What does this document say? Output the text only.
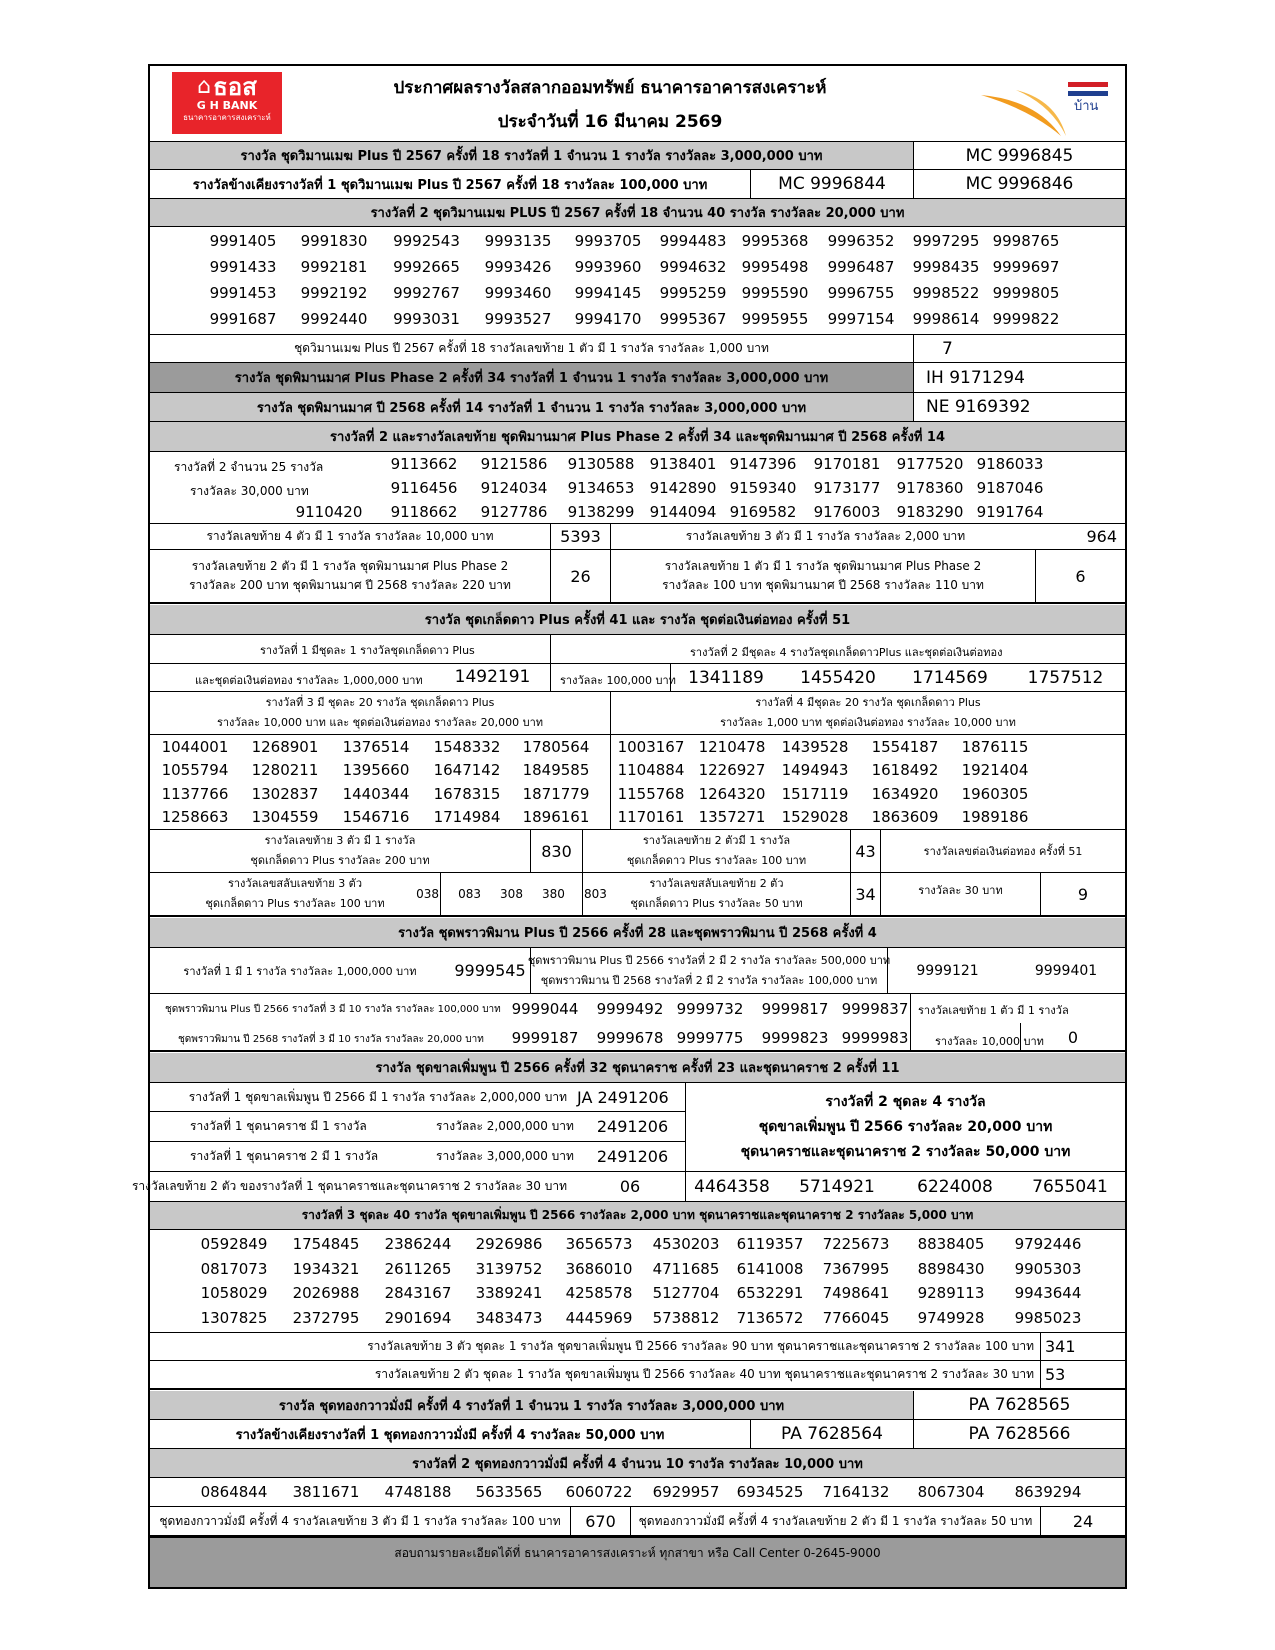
⌂ ธอส
G H BANK
ธนาคารอาคารสงเคราะห์
ประกาศผลรางวัลสลากออมทรัพย์ ธนาคารอาคารสงเคราะห์
ประจำวันที่ 16 มีนาคม 2569
บ้าน
รางวัล ชุดวิมานเมฆ Plus ปี 2567 ครั้งที่ 18 รางวัลที่ 1 จำนวน 1 รางวัล รางวัลละ 3,000,000 บาท	MC 9996845
รางวัลข้างเคียงรางวัลที่ 1 ชุดวิมานเมฆ Plus ปี 2567 ครั้งที่ 18 รางวัลละ 100,000 บาท	MC 9996844	MC 9996846
รางวัลที่ 2 ชุดวิมานเมฆ PLUS ปี 2567 ครั้งที่ 18 จำนวน 40 รางวัล รางวัลละ 20,000 บาท
9991405	9991830	9992543	9993135	9993705	9994483	9995368	9996352	9997295 9998765
9991433	9992181	9992665	9993426	9993960	9994632	9995498	9996487	9998435 9999697
9991453	9992192	9992767	9993460	9994145	9995259	9995590	9996755	9998522 9999805
9991687	9992440	9993031	9993527	9994170	9995367	9995955	9997154	9998614 9999822
ชุดวิมานเมฆ Plus ปี 2567 ครั้งที่ 18 รางวัลเลขท้าย 1 ตัว มี 1 รางวัล รางวัลละ 1,000 บาท	7
รางวัล ชุดพิมานมาศ Plus Phase 2 ครั้งที่ 34 รางวัลที่ 1 จำนวน 1 รางวัล รางวัลละ 3,000,000 บาท	IH 9171294
รางวัล ชุดพิมานมาศ ปี 2568 ครั้งที่ 14 รางวัลที่ 1 จำนวน 1 รางวัล รางวัลละ 3,000,000 บาท	NE 9169392
รางวัลที่ 2 และรางวัลเลขท้าย ชุดพิมานมาศ Plus Phase 2 ครั้งที่ 34 และชุดพิมานมาศ ปี 2568 ครั้งที่ 14
รางวัลที่ 2 จำนวน 25 รางวัล
รางวัลละ 30,000 บาท
9113662	9121586	9130588	9138401 9147396	9170181	9177520 9186033
9116456	9124034	9134653	9142890 9159340	9173177	9178360 9187046
9110420	9118662	9127786	9138299	9144094 9169582	9176003	9183290 9191764
รางวัลเลขท้าย 4 ตัว มี 1 รางวัล รางวัลละ 10,000 บาท	5393	รางวัลเลขท้าย 3 ตัว มี 1 รางวัล รางวัลละ 2,000 บาท	964
รางวัลเลขท้าย 2 ตัว มี 1 รางวัล ชุดพิมานมาศ Plus Phase 2
รางวัลละ 200 บาท ชุดพิมานมาศ ปี 2568 รางวัลละ 220 บาท	26
รางวัลเลขท้าย 1 ตัว มี 1 รางวัล ชุดพิมานมาศ Plus Phase 2
รางวัลละ 100 บาท ชุดพิมานมาศ ปี 2568 รางวัลละ 110 บาท	6
รางวัล ชุดเกล็ดดาว Plus ครั้งที่ 41 และ รางวัล ชุดต่อเงินต่อทอง ครั้งที่ 51
รางวัลที่ 1 มีชุดละ 1 รางวัลชุดเกล็ดดาว Plus
และชุดต่อเงินต่อทอง รางวัลละ 1,000,000 บาท	1492191
รางวัลที่ 2 มีชุดละ 4 รางวัลชุดเกล็ดดาวPlus และชุดต่อเงินต่อทอง
รางวัลละ 100,000 บาท 1341189	1455420	1714569	1757512
รางวัลที่ 3 มี ชุดละ 20 รางวัล ชุดเกล็ดดาว Plus
รางวัลละ 10,000 บาท และ ชุดต่อเงินต่อทอง รางวัลละ 20,000 บาท
รางวัลที่ 4 มีชุดละ 20 รางวัล ชุดเกล็ดดาว Plus
รางวัลละ 1,000 บาท ชุดต่อเงินต่อทอง รางวัลละ 10,000 บาท
1044001	1268901	1376514	1548332	1780564
1055794	1280211	1395660	1647142	1849585
1137766	1302837	1440344	1678315	1871779
1258663	1304559	1546716	1714984	1896161
1003167 1210478	1439528	1554187	1876115
1104884 1226927	1494943	1618492	1921404
1155768 1264320	1517119	1634920	1960305
1170161 1357271	1529028	1863609	1989186
รางวัลเลขท้าย 3 ตัว มี 1 รางวัล
ชุดเกล็ดดาว Plus รางวัลละ 200 บาท	830
รางวัลเลขท้าย 2 ตัวมี 1 รางวัล
ชุดเกล็ดดาว Plus รางวัลละ 100 บาท	43	รางวัลเลขต่อเงินต่อทอง ครั้งที่ 51
รางวัลเลขสลับเลขท้าย 3 ตัว
ชุดเกล็ดดาว Plus รางวัลละ 100 บาท
038     083     308     380     803
รางวัลเลขสลับเลขท้าย 2 ตัว
ชุดเกล็ดดาว Plus รางวัลละ 50 บาท	34	รางวัลละ 30 บาท	9
รางวัล ชุดพราวพิมาน Plus ปี 2566 ครั้งที่ 28 และชุดพราวพิมาน ปี 2568 ครั้งที่ 4
รางวัลที่ 1 มี 1 รางวัล รางวัลละ 1,000,000 บาท	9999545
ชุดพราวพิมาน Plus ปี 2566 รางวัลที่ 2 มี 2 รางวัล รางวัลละ 500,000 บาท
ชุดพราวพิมาน ปี 2568 รางวัลที่ 2 มี 2 รางวัล รางวัลละ 100,000 บาท
9999121	9999401
ชุดพราวพิมาน Plus ปี 2566 รางวัลที่ 3 มี 10 รางวัล รางวัลละ 100,000 บาท
ชุดพราวพิมาน ปี 2568 รางวัลที่ 3 มี 10 รางวัล รางวัลละ 20,000 บาท
9999044	9999492 9999732	9999817 9999837
9999187	9999678 9999775	9999823 9999983
รางวัลเลขท้าย 1 ตัว มี 1 รางวัล
รางวัลละ 10,000 บาท	0
รางวัล ชุดขาลเพิ่มพูน ปี 2566 ครั้งที่ 32 ชุดนาคราช ครั้งที่ 23 และชุดนาคราช 2 ครั้งที่ 11
รางวัลที่ 1 ชุดขาลเพิ่มพูน ปี 2566 มี 1 รางวัล รางวัลละ 2,000,000 บาท JA 2491206
รางวัลที่ 1 ชุดนาคราช มี 1 รางวัล	รางวัลละ 2,000,000 บาท	2491206
รางวัลที่ 1 ชุดนาคราช 2 มี 1 รางวัล	รางวัลละ 3,000,000 บาท	2491206
รางวัลที่ 2 ชุดละ 4 รางวัล
ชุดขาลเพิ่มพูน ปี 2566 รางวัลละ 20,000 บาท
ชุดนาคราชและชุดนาคราช 2 รางวัลละ 50,000 บาท
รางวัลเลขท้าย 2 ตัว ของรางวัลที่ 1 ชุดนาคราชและชุดนาคราช 2 รางวัลละ 30 บาท	06	4464358	5714921	6224008	7655041
รางวัลที่ 3 ชุดละ 40 รางวัล ชุดขาลเพิ่มพูน ปี 2566 รางวัลละ 2,000 บาท ชุดนาคราชและชุดนาคราช 2 รางวัลละ 5,000 บาท
0592849	1754845	2386244	2926986	3656573	4530203	6119357	7225673	8838405	9792446
0817073	1934321	2611265	3139752	3686010	4711685	6141008	7367995	8898430	9905303
1058029	2026988	2843167	3389241	4258578	5127704	6532291	7498641	9289113	9943644
1307825	2372795	2901694	3483473	4445969	5738812	7136572	7766045	9749928	9985023
รางวัลเลขท้าย 3 ตัว ชุดละ 1 รางวัล ชุดขาลเพิ่มพูน ปี 2566 รางวัลละ 90 บาท ชุดนาคราชและชุดนาคราช 2 รางวัลละ 100 บาท 341
รางวัลเลขท้าย 2 ตัว ชุดละ 1 รางวัล ชุดขาลเพิ่มพูน ปี 2566 รางวัลละ 40 บาท ชุดนาคราชและชุดนาคราช 2 รางวัลละ 30 บาท 53
รางวัล ชุดทองกวาวมั่งมี ครั้งที่ 4 รางวัลที่ 1 จำนวน 1 รางวัล รางวัลละ 3,000,000 บาท	PA 7628565
รางวัลข้างเคียงรางวัลที่ 1 ชุดทองกวาวมั่งมี ครั้งที่ 4 รางวัลละ 50,000 บาท	PA 7628564	PA 7628566
รางวัลที่ 2 ชุดทองกวาวมั่งมี ครั้งที่ 4 จำนวน 10 รางวัล รางวัลละ 10,000 บาท
0864844	3811671	4748188	5633565	6060722	6929957	6934525	7164132	8067304	8639294
ชุดทองกวาวมั่งมี ครั้งที่ 4 รางวัลเลขท้าย 3 ตัว มี 1 รางวัล รางวัลละ 100 บาท	670	ชุดทองกวาวมั่งมี ครั้งที่ 4 รางวัลเลขท้าย 2 ตัว มี 1 รางวัล รางวัลละ 50 บาท	24
สอบถามรายละเอียดได้ที่ ธนาคารอาคารสงเคราะห์ ทุกสาขา หรือ Call Center 0-2645-9000
